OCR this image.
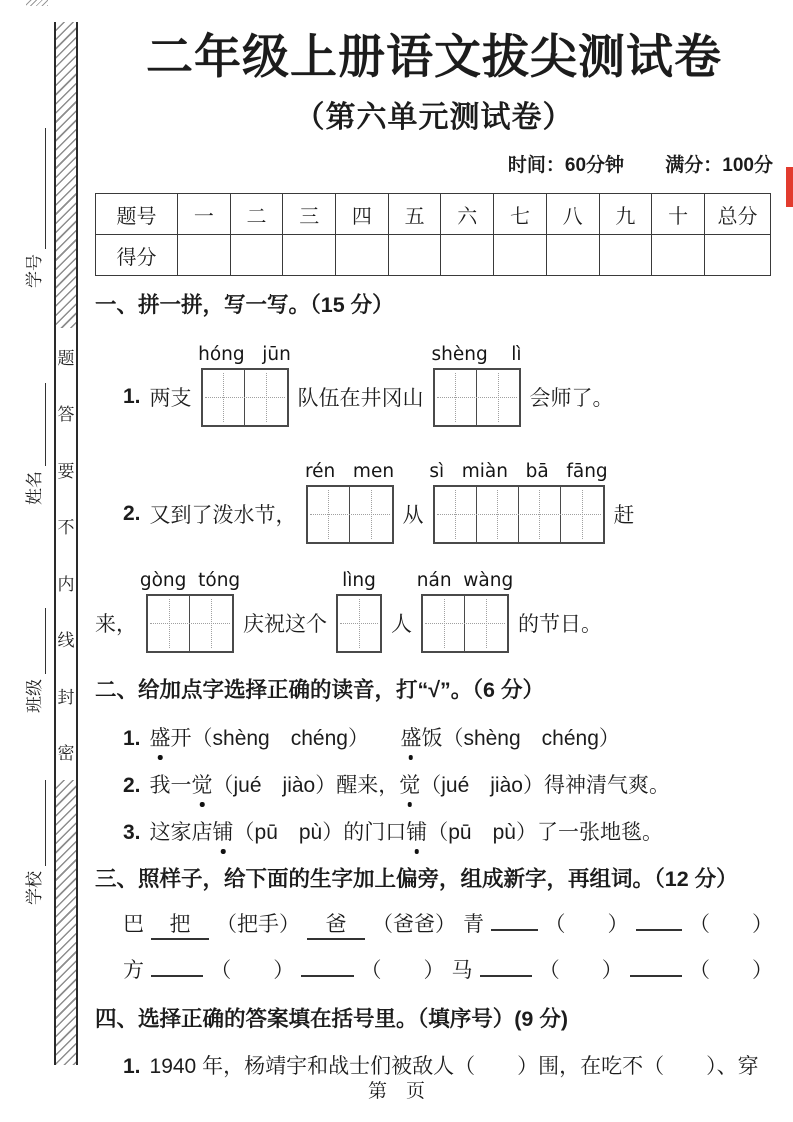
题
答
要
不
内
线
封
密
学号
姓名
班级
学校
二年级上册语文拔尖测试卷
（第六单元测试卷）
时间：60分钟 满分：100分
题号	一	二	三	四	五	六	七	八	九	十	总分
得分											
一、拼一拼，写一写。（15 分）
1. 两支
hóng   jūn
队伍在井冈山
shèng    lì
会师了。
2. 又到了泼水节，
rén   men
从
sì   miàn   bā   fāng
赶
来，
gòng  tóng
庆祝这个
lìng
人
nán  wàng
的节日。
二、给加点字选择正确的读音，打“√”。（6 分）
1. 盛 开（shèng　chéng）　　 盛 饭（shèng　chéng）
2. 我一 觉 （jué　jiào）醒来， 觉 （jué　jiào）得神清气爽。
3. 这家店 铺 （pū　pù）的门口 铺 （pū　pù）了一张地毯。
三、照样子，给下面的生字加上偏旁，组成新字，再组词。（12 分）
巴	把	（把手）	爸	（爸爸） 青	（　　）	（　　）
方	（　　）	（　　） 马	（　　）	（　　）
四、选择正确的答案填在括号里。（填序号）(9 分)
1. 1940 年，杨靖宇和战士们被敌人（　　）围，在吃不（　　）、穿
第　页
